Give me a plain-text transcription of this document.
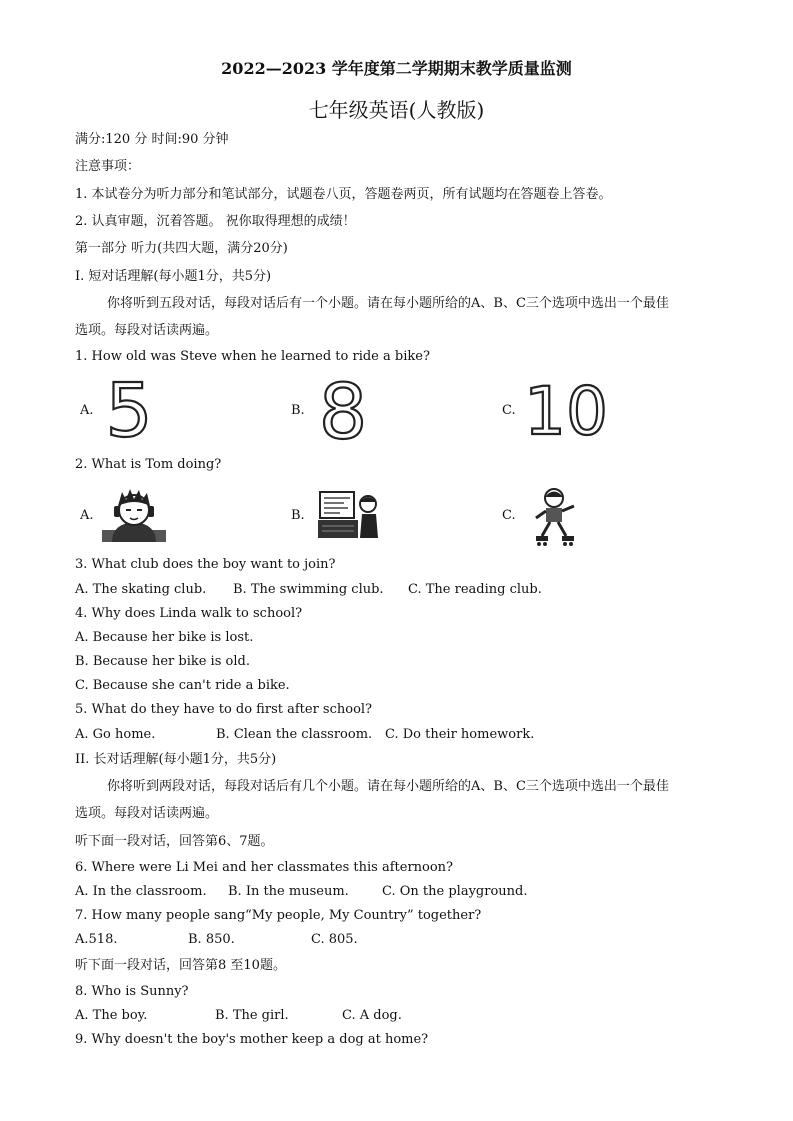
2022—2023 学年度第二学期期末教学质量监测
七年级英语(人教版)
满分:120 分 时间:90 分钟
注意事项：
1. 本试卷分为听力部分和笔试部分，试题卷八页，答题卷两页，所有试题均在答题卷上答卷。
2. 认真审题，沉着答题。 祝你取得理想的成绩！
第一部分 听力(共四大题，满分20分)
I. 短对话理解(每小题1分，共5分)
你将听到五段对话，每段对话后有一个小题。请在每小题所给的A、B、C三个选项中选出一个最佳
选项。每段对话读两遍。
1. How old was Steve when he learned to ride a bike?
A. 5	B. 8	C. 10
2. What is Tom doing?
A.	B.	C.
3. What club does the boy want to join?
A. The skating club. B. The swimming club. C. The reading club.
4. Why does Linda walk to school?
A. Because her bike is lost.
B. Because her bike is old.
C. Because she can't ride a bike.
5. What do they have to do first after school?
A. Go home.	B. Clean the classroom. C. Do their homework.
II. 长对话理解(每小题1分，共5分)
你将听到两段对话，每段对话后有几个小题。请在每小题所给的A、B、C三个选项中选出一个最佳
选项。每段对话读两遍。
听下面一段对话，回答第6、7题。
6. Where were Li Mei and her classmates this afternoon?
A. In the classroom. B. In the museum.	C. On the playground.
7. How many people sang“My people, My Country” together?
A.518.	B. 850.	C. 805.
听下面一段对话，回答第8 至10题。
8. Who is Sunny?
A. The boy.	B. The girl.	C. A dog.
9. Why doesn't the boy's mother keep a dog at home?
